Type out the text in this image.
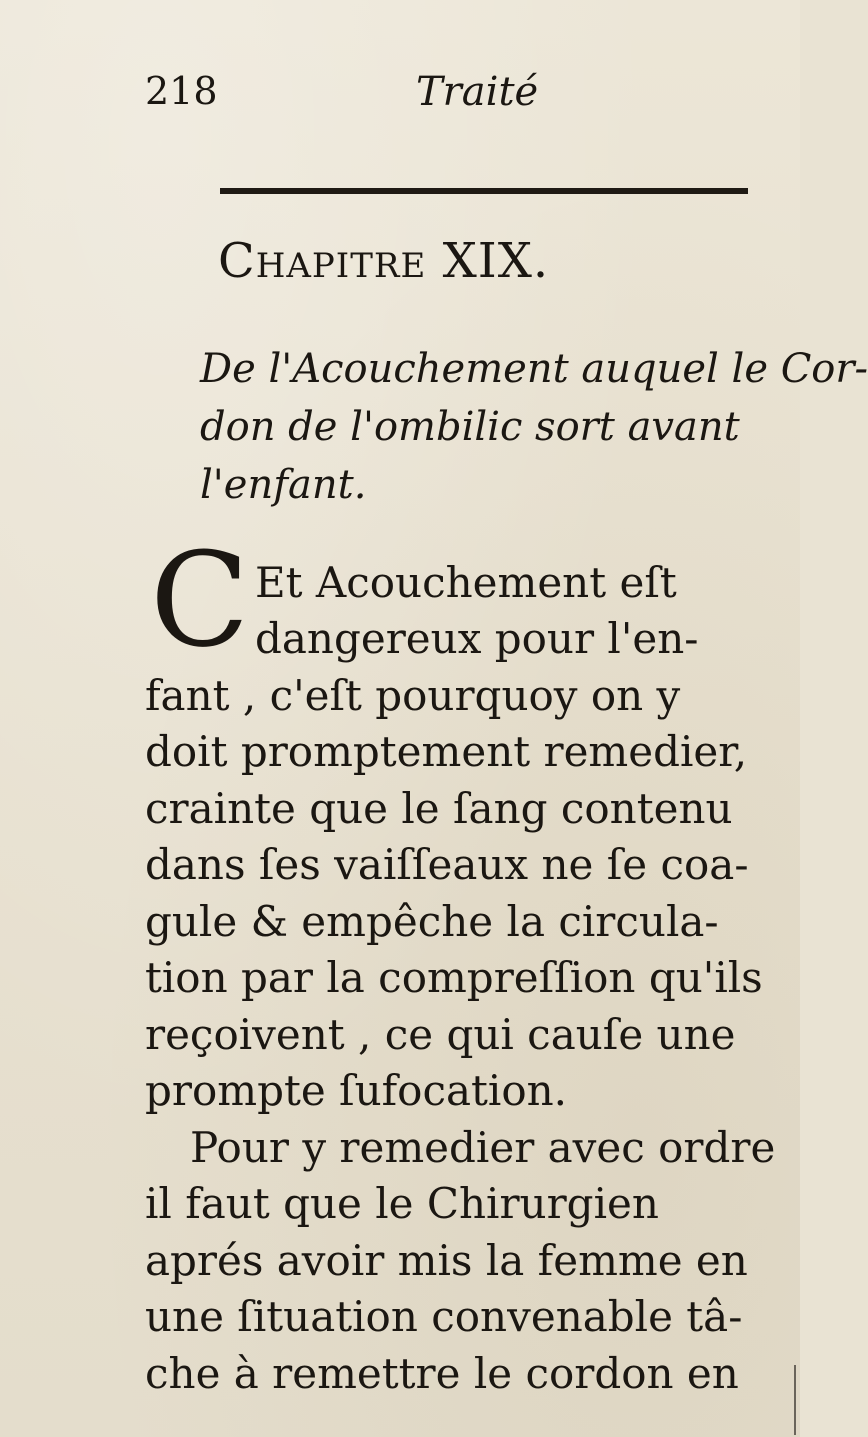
218	Traité
Chapitre XIX.
De l'Acouchement auquel le Cor-
don de l'ombilic sort avant
l'enfant.
C Et Acouchement eſt
dangereux pour l'en-
fant , c'eſt pourquoy on y
doit promptement remedier,
crainte que le ſang contenu
dans ſes vaiſſeaux ne ſe coa-
gule & empêche la circula-
tion par la compreſſion qu'ils
reçoivent , ce qui cauſe une
prompte ſufocation.
Pour y remedier avec ordre
il faut que le Chirurgien
aprés avoir mis la femme en
une ſituation convenable tâ-
che à remettre le cordon en
